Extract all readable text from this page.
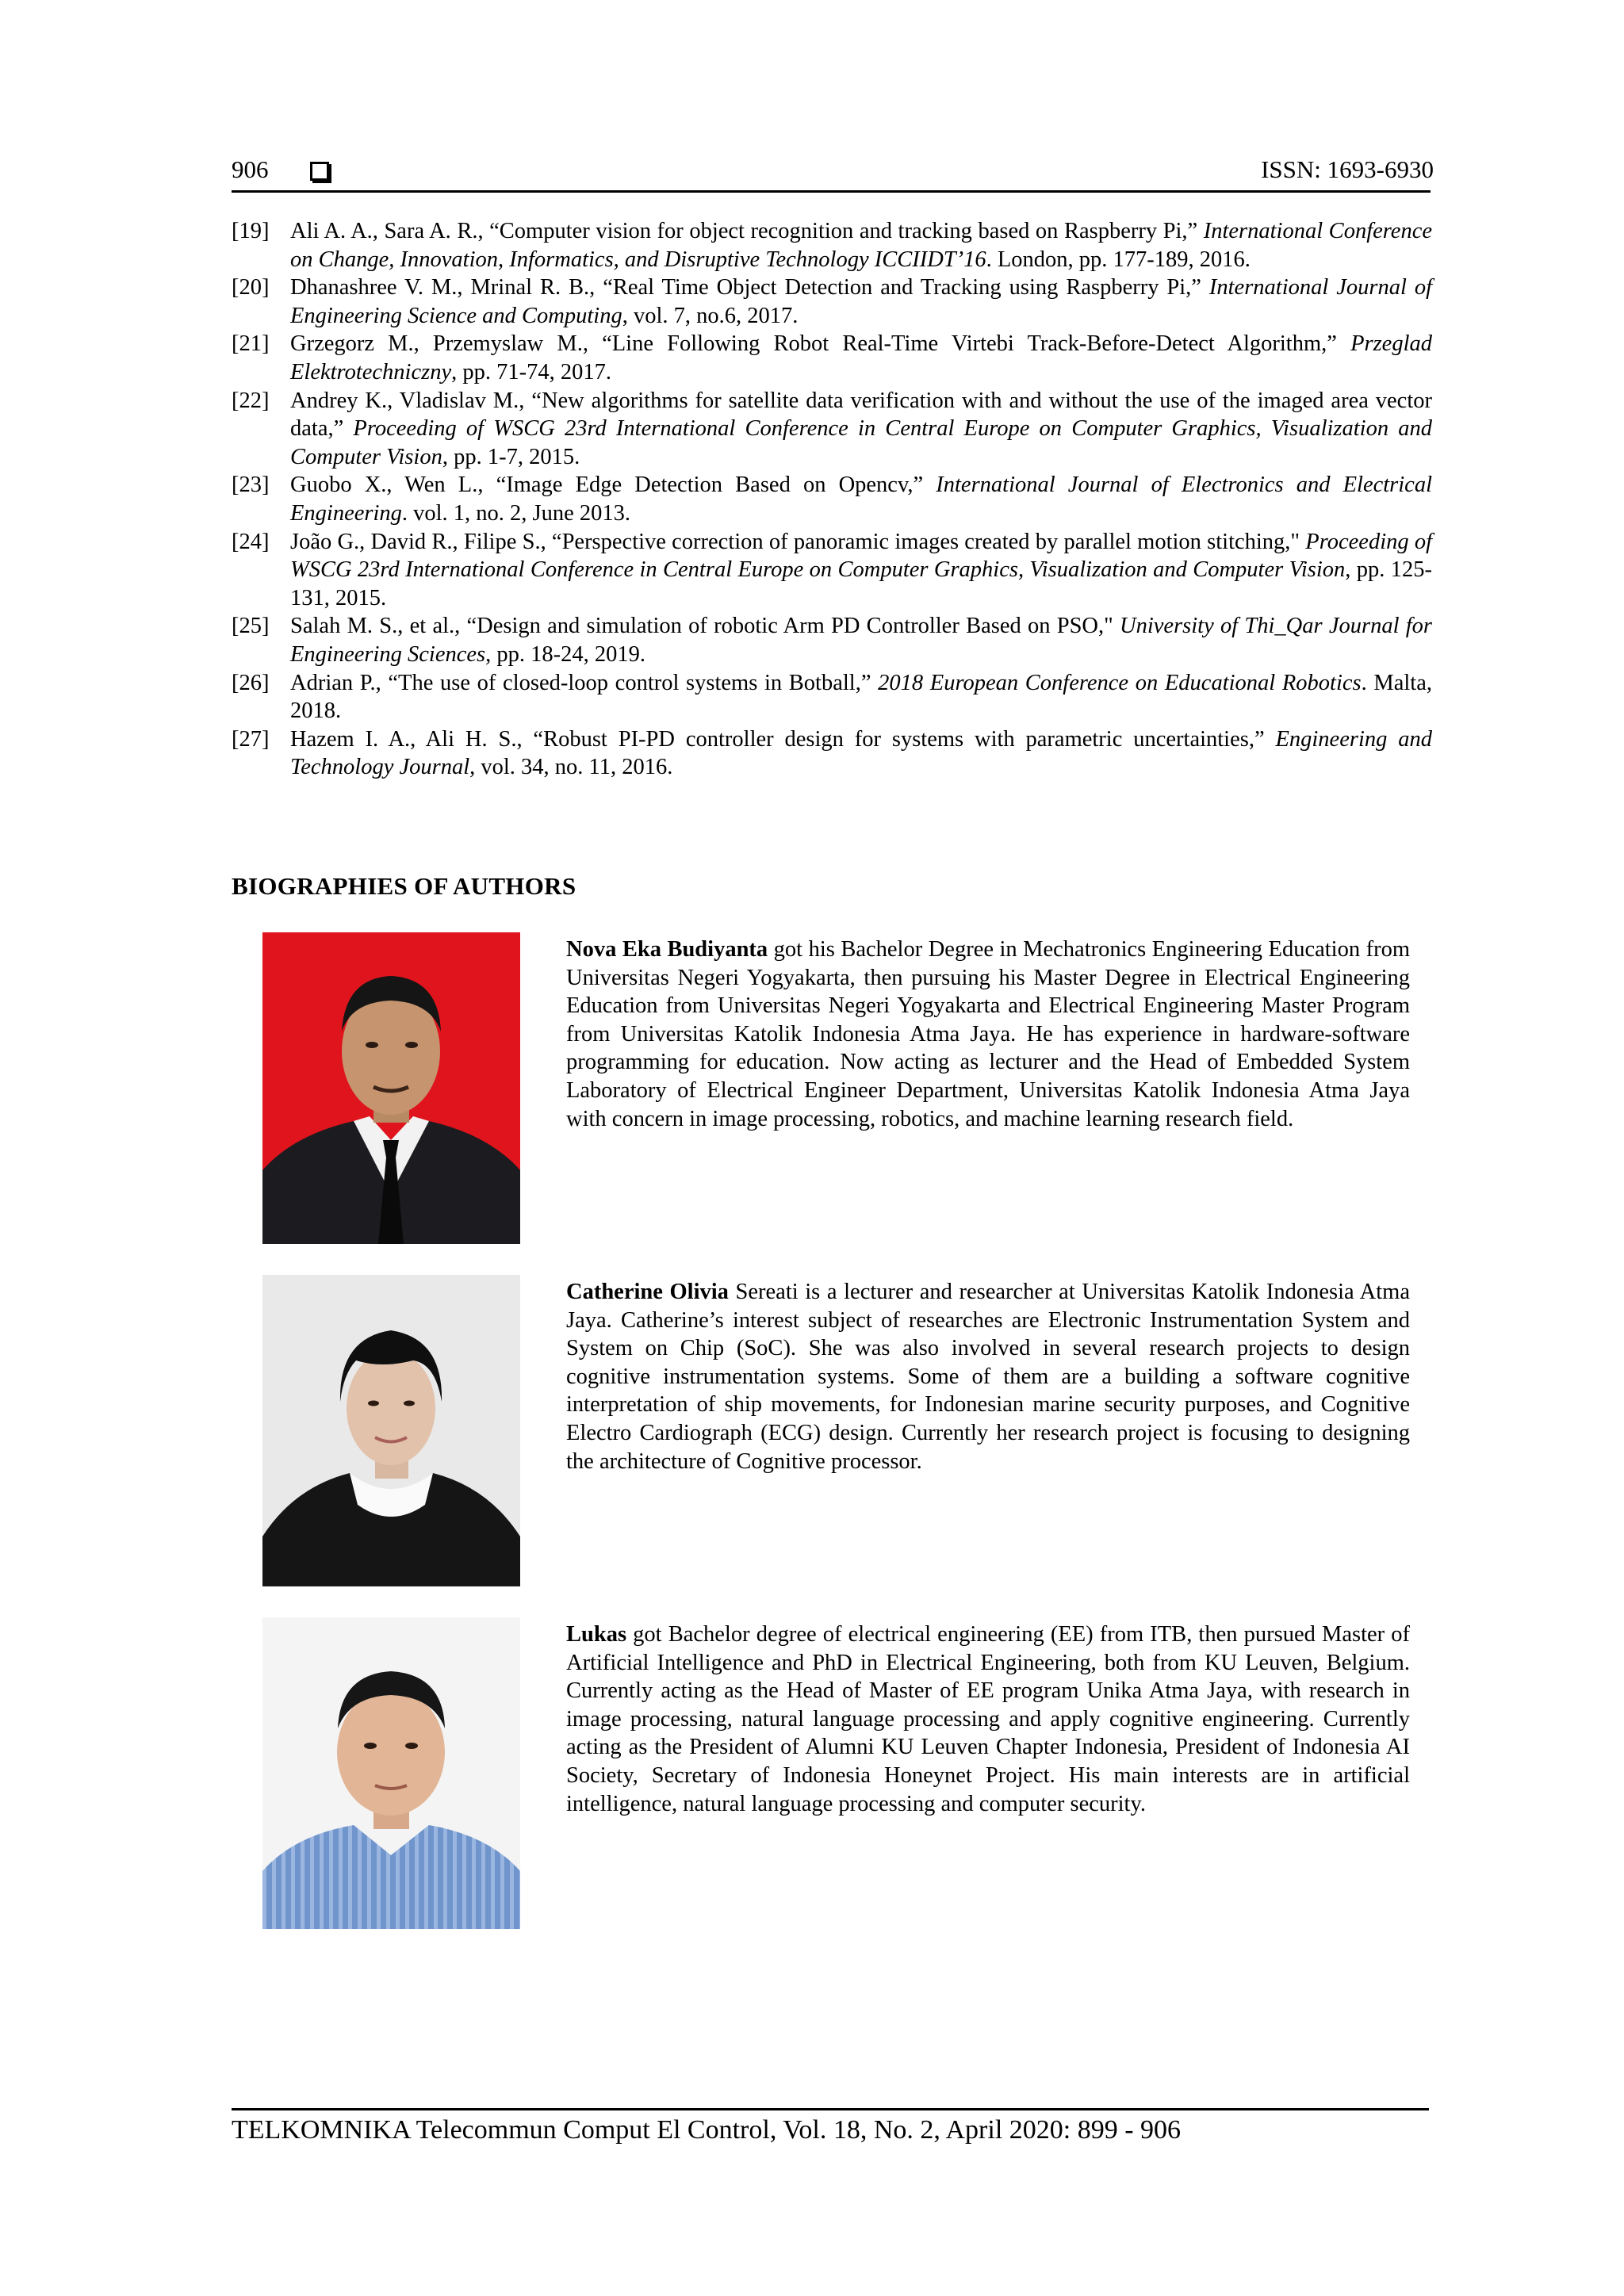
906	ISSN: 1693-6930
[19] Ali A. A., Sara A. R., “Computer vision for object recognition and tracking based on Raspberry Pi,” International Conference on Change, Innovation, Informatics, and Disruptive Technology ICCIIDT’16. London, pp. 177-189, 2016.
[20] Dhanashree V. M., Mrinal R. B., “Real Time Object Detection and Tracking using Raspberry Pi,” International Journal of Engineering Science and Computing, vol. 7, no.6, 2017.
[21] Grzegorz M., Przemyslaw M., “Line Following Robot Real-Time Virtebi Track-Before-Detect Algorithm,” Przeglad Elektrotechniczny, pp. 71-74, 2017.
[22] Andrey K., Vladislav M., “New algorithms for satellite data verification with and without the use of the imaged area vector data,” Proceeding of WSCG 23rd International Conference in Central Europe on Computer Graphics, Visualization and Computer Vision, pp. 1-7, 2015.
[23] Guobo X., Wen L., “Image Edge Detection Based on Opencv,” International Journal of Electronics and Electrical Engineering. vol. 1, no. 2, June 2013.
[24] João G., David R., Filipe S., “Perspective correction of panoramic images created by parallel motion stitching," Proceeding of WSCG 23rd International Conference in Central Europe on Computer Graphics, Visualization and Computer Vision, pp. 125-131, 2015.
[25] Salah M. S., et al., “Design and simulation of robotic Arm PD Controller Based on PSO," University of Thi_Qar Journal for Engineering Sciences, pp. 18-24, 2019.
[26] Adrian P., “The use of closed-loop control systems in Botball,” 2018 European Conference on Educational Robotics. Malta, 2018.
[27] Hazem I. A., Ali H. S., “Robust PI-PD controller design for systems with parametric uncertainties,” Engineering and Technology Journal, vol. 34, no. 11, 2016.
BIOGRAPHIES OF AUTHORS
Nova Eka Budiyanta got his Bachelor Degree in Mechatronics Engineering Education from Universitas Negeri Yogyakarta, then pursuing his Master Degree in Electrical Engineering Education from Universitas Negeri Yogyakarta and Electrical Engineering Master Program from Universitas Katolik Indonesia Atma Jaya. He has experience in hardware-software programming for education. Now acting as lecturer and the Head of Embedded System Laboratory of Electrical Engineer Department, Universitas Katolik Indonesia Atma Jaya with concern in image processing, robotics, and machine learning research field.
Catherine Olivia Sereati is a lecturer and researcher at Universitas Katolik Indonesia Atma Jaya. Catherine’s interest subject of researches are Electronic Instrumentation System and System on Chip (SoC). She was also involved in several research projects to design cognitive instrumentation systems. Some of them are a building a software cognitive interpretation of ship movements, for Indonesian marine security purposes, and Cognitive Electro Cardiograph (ECG) design. Currently her research project is focusing to designing the architecture of Cognitive processor.
Lukas got Bachelor degree of electrical engineering (EE) from ITB, then pursued Master of Artificial Intelligence and PhD in Electrical Engineering, both from KU Leuven, Belgium. Currently acting as the Head of Master of EE program Unika Atma Jaya, with research in image processing, natural language processing and apply cognitive engineering. Currently acting as the President of Alumni KU Leuven Chapter Indonesia, President of Indonesia AI Society, Secretary of Indonesia Honeynet Project. His main interests are in artificial intelligence, natural language processing and computer security.
TELKOMNIKA Telecommun Comput El Control, Vol. 18, No. 2, April 2020: 899 - 906
